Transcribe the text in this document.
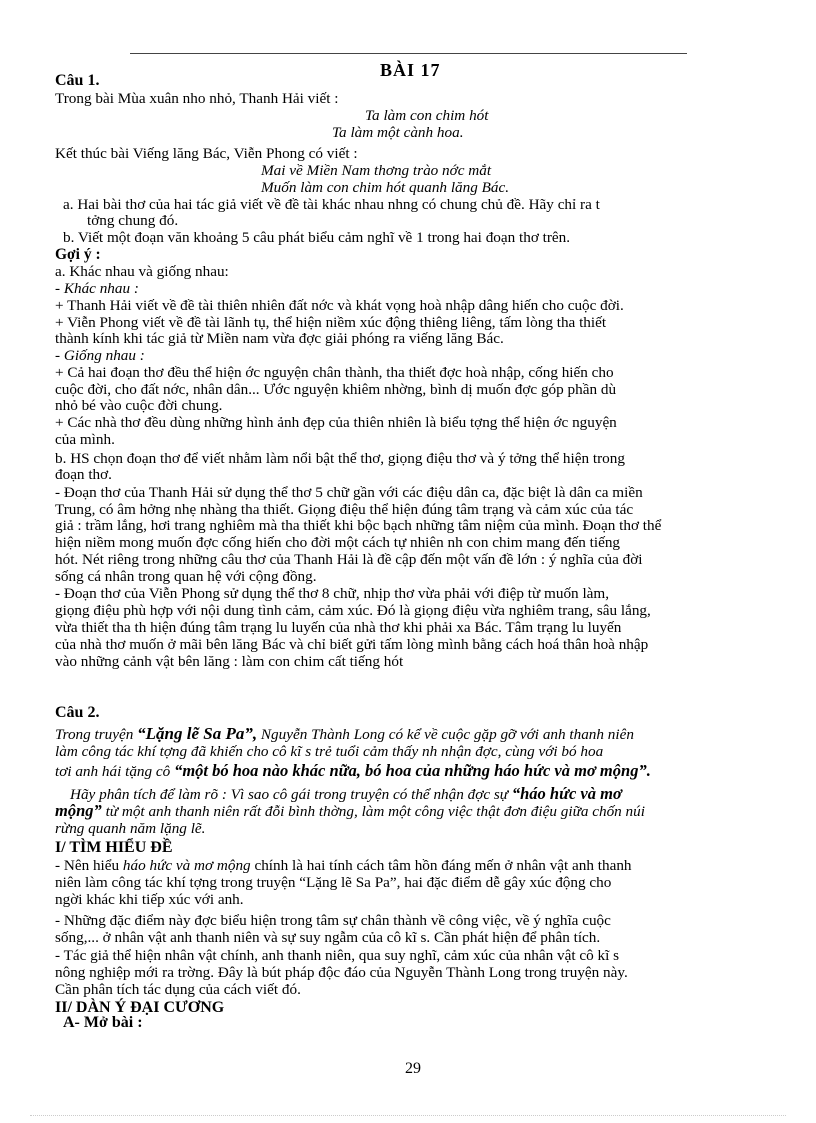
BÀI 17
Câu 1.
Trong bài Mùa xuân nho nhỏ, Thanh Hải viết :
Ta làm con chim hót
Ta làm một cành hoa.
Kết thúc bài Viếng lăng Bác, Viễn Phong có viết :
Mai về Miền Nam thơng trào nớc mắt
Muốn làm con chim hót quanh lăng Bác.
a. Hai bài thơ của hai tác giả viết về đề tài khác nhau nhng có chung chủ đề. Hãy chỉ ra t
tởng chung đó.
b. Viết một đoạn văn khoảng 5 câu phát biểu cảm nghĩ về 1 trong hai đoạn thơ trên.
Gợi ý :
a. Khác nhau và giống nhau:
- Khác nhau :
+ Thanh Hải viết về đề tài thiên nhiên đất nớc và khát vọng hoà nhập dâng hiến cho cuộc đời.
+ Viễn Phong viết về đề tài lãnh tụ, thể hiện niềm xúc động thiêng liêng, tấm lòng tha thiết
thành kính khi tác giả từ Miền nam vừa đợc giải phóng ra viếng lăng Bác.
- Giống nhau :
+ Cả hai đoạn thơ đều thể hiện ớc nguyện chân thành, tha thiết đợc hoà nhập, cống hiến cho
cuộc đời, cho đất nớc, nhân dân... Ước nguyện khiêm nhờng, bình dị muốn đợc góp phần dù
nhỏ bé vào cuộc đời chung.
+ Các nhà thơ đều dùng những hình ảnh đẹp của thiên nhiên là biểu tợng thể hiện ớc nguyện
của mình.
b. HS chọn đoạn thơ để viết nhằm làm nổi bật thể thơ, giọng điệu thơ và ý tởng thể hiện trong
đoạn thơ.
- Đoạn thơ của Thanh Hải sử dụng thể thơ 5 chữ gần với các điệu dân ca, đặc biệt là dân ca miền
Trung, có âm hởng nhẹ nhàng tha thiết. Giọng điệu thể hiện đúng tâm trạng và cảm xúc của tác
giả : trầm lắng, hơi trang nghiêm mà tha thiết khi bộc bạch những tâm niệm của mình. Đoạn thơ thể
hiện niềm mong muốn đợc cống hiến cho đời một cách tự nhiên nh con chim mang đến tiếng
hót. Nét riêng trong những câu thơ của Thanh Hải là đề cập đến một vấn đề lớn : ý nghĩa của đời
sống cá nhân trong quan hệ với cộng đồng.
- Đoạn thơ của Viễn Phong sử dụng thể thơ 8 chữ, nhịp thơ vừa phải với điệp từ muốn làm,
giọng điệu phù hợp với nội dung tình cảm, cảm xúc. Đó là giọng điệu vừa nghiêm trang, sâu lắng,
vừa thiết tha th hiện đúng tâm trạng lu luyến của nhà thơ khi phải xa Bác. Tâm trạng lu luyến
của nhà thơ muốn ở mãi bên lăng Bác và chỉ biết gửi tấm lòng mình bằng cách hoá thân hoà nhập
vào những cảnh vật bên lăng : làm con chim cất tiếng hót
Câu 2.
Trong truyện “Lặng lẽ Sa Pa”, Nguyễn Thành Long có kể về cuộc gặp gỡ với anh thanh niên
làm công tác khí tợng đã khiến cho cô kĩ s trẻ tuổi cảm thấy nh nhận đợc, cùng với bó hoa
tơi anh hái tặng cô “một bó hoa nào khác nữa, bó hoa của những háo hức và mơ mộng”.
Hãy phân tích để làm rõ : Vì sao cô gái trong truyện có thể nhận đợc sự “háo hức và mơ
mộng” từ một anh thanh niên rất đỗi bình thờng, làm một công việc thật đơn điệu giữa chốn núi
rừng quanh năm lặng lẽ.
I/ TÌM HIỂU ĐỀ
- Nên hiểu háo hức và mơ mộng chính là hai tính cách tâm hồn đáng mến ở nhân vật anh thanh
niên làm công tác khí tợng trong truyện “Lặng lẽ Sa Pa”, hai đặc điểm dễ gây xúc động cho
ngời khác khi tiếp xúc với anh.
- Những đặc điểm này đợc biểu hiện trong tâm sự chân thành về công việc, về ý nghĩa cuộc
sống,... ở nhân vật anh thanh niên và sự suy ngẫm của cô kĩ s. Cần phát hiện để phân tích.
- Tác giả thể hiện nhân vật chính, anh thanh niên, qua suy nghĩ, cảm xúc của nhân vật cô kĩ s
nông nghiệp mới ra trờng. Đây là bút pháp độc đáo của Nguyễn Thành Long trong truyện này.
Cần phân tích tác dụng của cách viết đó.
II/ DÀN Ý ĐẠI CƯƠNG
A- Mở bài :
29
